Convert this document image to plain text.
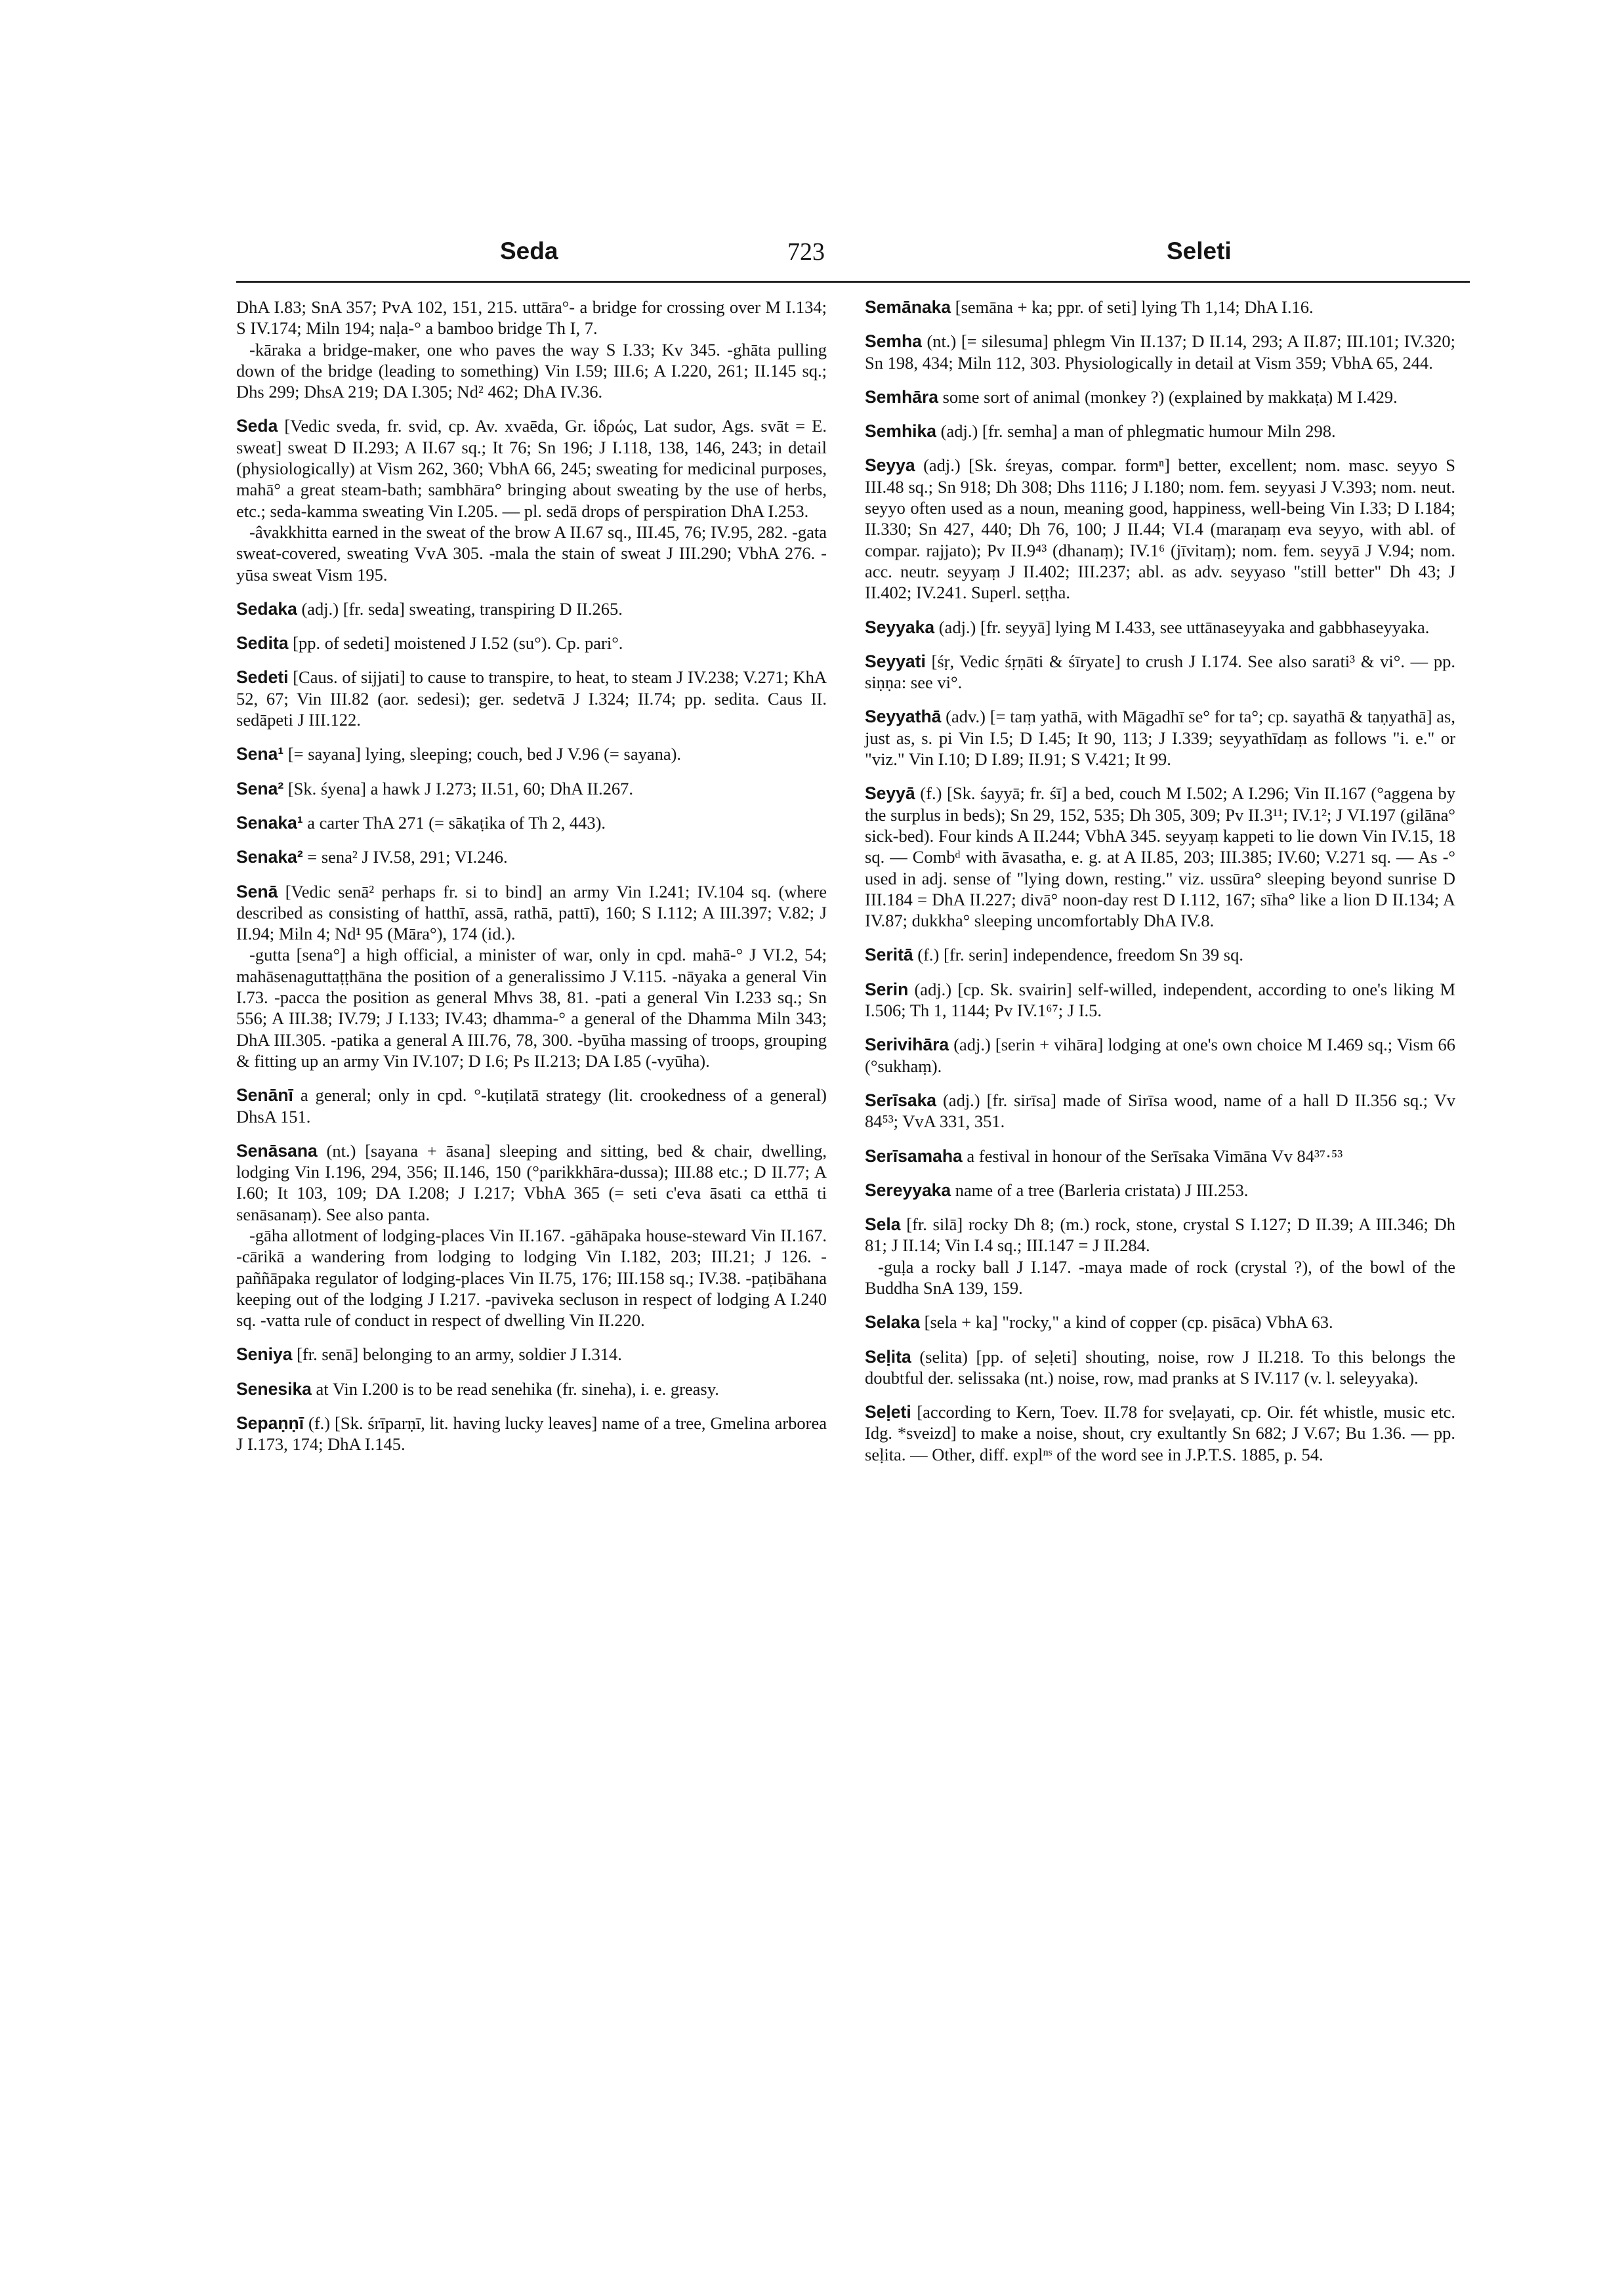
Seda	723	Seleti

DhA I.83; SnA 357; PvA 102, 151, 215. uttāra°- a bridge for crossing over M I.134; S IV.174; Miln 194; naḷa-° a bamboo bridge Th I, 7.

-kāraka a bridge-maker, one who paves the way S I.33; Kv 345. -ghāta pulling down of the bridge (leading to something) Vin I.59; III.6; A I.220, 261; II.145 sq.; Dhs 299; DhsA 219; DA I.305; Nd² 462; DhA IV.36.

Seda [Vedic sveda, fr. svid, cp. Av. xvaēda, Gr. ἱδρώς, Lat sudor, Ags. svāt = E. sweat] sweat D II.293; A II.67 sq.; It 76; Sn 196; J I.118, 138, 146, 243; in detail (physiologically) at Vism 262, 360; VbhA 66, 245; sweating for medicinal purposes, mahā° a great steam-bath; sambhāra° bringing about sweating by the use of herbs, etc.; seda-kamma sweating Vin I.205. — pl. sedā drops of perspiration DhA I.253.

-âvakkhitta earned in the sweat of the brow A II.67 sq., III.45, 76; IV.95, 282. -gata sweat-covered, sweating VvA 305. -mala the stain of sweat J III.290; VbhA 276. -yūsa sweat Vism 195.

Sedaka (adj.) [fr. seda] sweating, transpiring D II.265.

Sedita [pp. of sedeti] moistened J I.52 (su°). Cp. pari°.

Sedeti [Caus. of sijjati] to cause to transpire, to heat, to steam J IV.238; V.271; KhA 52, 67; Vin III.82 (aor. sedesi); ger. sedetvā J I.324; II.74; pp. sedita. Caus II. sedāpeti J III.122.

Sena¹ [= sayana] lying, sleeping; couch, bed J V.96 (= sayana).

Sena² [Sk. śyena] a hawk J I.273; II.51, 60; DhA II.267.

Senaka¹ a carter ThA 271 (= sākaṭika of Th 2, 443).

Senaka² = sena² J IV.58, 291; VI.246.

Senā [Vedic senā² perhaps fr. si to bind] an army Vin I.241; IV.104 sq. (where described as consisting of hatthī, assā, rathā, pattī), 160; S I.112; A III.397; V.82; J II.94; Miln 4; Nd¹ 95 (Māra°), 174 (id.).

-gutta [sena°] a high official, a minister of war, only in cpd. mahā-° J VI.2, 54; mahāsenaguttaṭṭhāna the position of a generalissimo J V.115. -nāyaka a general Vin I.73. -pacca the position as general Mhvs 38, 81. -pati a general Vin I.233 sq.; Sn 556; A III.38; IV.79; J I.133; IV.43; dhamma-° a general of the Dhamma Miln 343; DhA III.305. -patika a general A III.76, 78, 300. -byūha massing of troops, grouping & fitting up an army Vin IV.107; D I.6; Ps II.213; DA I.85 (-vyūha).

Senānī a general; only in cpd. °-kuṭilatā strategy (lit. crookedness of a general) DhsA 151.

Senāsana (nt.) [sayana + āsana] sleeping and sitting, bed & chair, dwelling, lodging Vin I.196, 294, 356; II.146, 150 (°parikkhāra-dussa); III.88 etc.; D II.77; A I.60; It 103, 109; DA I.208; J I.217; VbhA 365 (= seti c'eva āsati ca etthā ti senāsanaṃ). See also panta.

-gāha allotment of lodging-places Vin II.167. -gāhāpaka house-steward Vin II.167. -cārikā a wandering from lodging to lodging Vin I.182, 203; III.21; J 126. -paññāpaka regulator of lodging-places Vin II.75, 176; III.158 sq.; IV.38. -paṭibāhana keeping out of the lodging J I.217. -paviveka secluson in respect of lodging A I.240 sq. -vatta rule of conduct in respect of dwelling Vin II.220.

Seniya [fr. senā] belonging to an army, soldier J I.314.

Senesika at Vin I.200 is to be read senehika (fr. sineha), i. e. greasy.

Sepaṇṇī (f.) [Sk. śrīparṇī, lit. having lucky leaves] name of a tree, Gmelina arborea J I.173, 174; DhA I.145.

Semānaka [semāna + ka; ppr. of seti] lying Th 1,14; DhA I.16.

Semha (nt.) [= silesuma] phlegm Vin II.137; D II.14, 293; A II.87; III.101; IV.320; Sn 198, 434; Miln 112, 303. Physiologically in detail at Vism 359; VbhA 65, 244.

Semhāra some sort of animal (monkey ?) (explained by makkaṭa) M I.429.

Semhika (adj.) [fr. semha] a man of phlegmatic humour Miln 298.

Seyya (adj.) [Sk. śreyas, compar. formⁿ] better, excellent; nom. masc. seyyo S III.48 sq.; Sn 918; Dh 308; Dhs 1116; J I.180; nom. fem. seyyasi J V.393; nom. neut. seyyo often used as a noun, meaning good, happiness, well-being Vin I.33; D I.184; II.330; Sn 427, 440; Dh 76, 100; J II.44; VI.4 (maraṇaṃ eva seyyo, with abl. of compar. rajjato); Pv II.9⁴³ (dhanaṃ); IV.1⁶ (jīvitaṃ); nom. fem. seyyā J V.94; nom. acc. neutr. seyyaṃ J II.402; III.237; abl. as adv. seyyaso "still better" Dh 43; J II.402; IV.241. Superl. seṭṭha.

Seyyaka (adj.) [fr. seyyā] lying M I.433, see uttānaseyyaka and gabbhaseyyaka.

Seyyati [śṛ, Vedic śṛṇāti & śīryate] to crush J I.174. See also sarati³ & vi°. — pp. siṇṇa: see vi°.

Seyyathā (adv.) [= taṃ yathā, with Māgadhī se° for ta°; cp. sayathā & taṇyathā] as, just as, s. pi Vin I.5; D I.45; It 90, 113; J I.339; seyyathīdaṃ as follows "i. e." or "viz." Vin I.10; D I.89; II.91; S V.421; It 99.

Seyyā (f.) [Sk. śayyā; fr. śī] a bed, couch M I.502; A I.296; Vin II.167 (°aggena by the surplus in beds); Sn 29, 152, 535; Dh 305, 309; Pv II.3¹¹; IV.1²; J VI.197 (gilāna° sick-bed). Four kinds A II.244; VbhA 345. seyyaṃ kappeti to lie down Vin IV.15, 18 sq. — Combᵈ with āvasatha, e. g. at A II.85, 203; III.385; IV.60; V.271 sq. — As -° used in adj. sense of "lying down, resting." viz. ussūra° sleeping beyond sunrise D III.184 = DhA II.227; divā° noon-day rest D I.112, 167; sīha° like a lion D II.134; A IV.87; dukkha° sleeping uncomfortably DhA IV.8.

Seritā (f.) [fr. serin] independence, freedom Sn 39 sq.

Serin (adj.) [cp. Sk. svairin] self-willed, independent, according to one's liking M I.506; Th 1, 1144; Pv IV.1⁶⁷; J I.5.

Serivihāra (adj.) [serin + vihāra] lodging at one's own choice M I.469 sq.; Vism 66 (°sukhaṃ).

Serīsaka (adj.) [fr. sirīsa] made of Sirīsa wood, name of a hall D II.356 sq.; Vv 84⁵³; VvA 331, 351.

Serīsamaha a festival in honour of the Serīsaka Vimāna Vv 84³⁷·⁵³

Sereyyaka name of a tree (Barleria cristata) J III.253.

Sela [fr. silā] rocky Dh 8; (m.) rock, stone, crystal S I.127; D II.39; A III.346; Dh 81; J II.14; Vin I.4 sq.; III.147 = J II.284.

-guḷa a rocky ball J I.147. -maya made of rock (crystal ?), of the bowl of the Buddha SnA 139, 159.

Selaka [sela + ka] "rocky," a kind of copper (cp. pisāca) VbhA 63.

Seḷita (selita) [pp. of seḷeti] shouting, noise, row J II.218. To this belongs the doubtful der. selissaka (nt.) noise, row, mad pranks at S IV.117 (v. l. seleyyaka).

Seḷeti [according to Kern, Toev. II.78 for sveḷayati, cp. Oir. fét whistle, music etc. Idg. *sveizd] to make a noise, shout, cry exultantly Sn 682; J V.67; Bu 1.36. — pp. seḷita. — Other, diff. explⁿˢ of the word see in J.P.T.S. 1885, p. 54.
